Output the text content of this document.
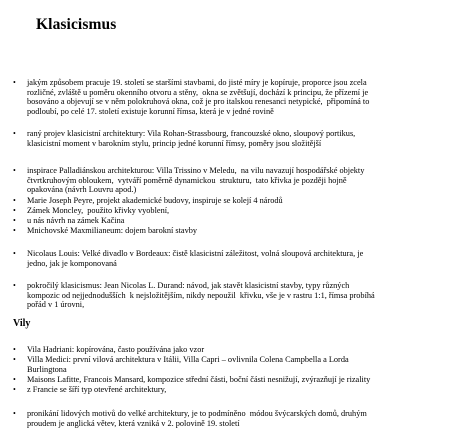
Klasicismus
•	jakým způsobem pracuje 19. století se staršími stavbami, do jisté míry je kopíruje, proporce jsou zcela
rozličné, zvláště u poměru okenního otvoru a stěny,  okna se zvětšují, dochází k principu, že přízemí je
bosováno a objevují se v něm polokruhová okna, což je pro italskou renesanci netypické,  připomíná to
podloubí, po celé 17. století existuje korunní římsa, která je v jedné rovině
•	raný projev klasicistní architektury: Vila Rohan-Strassbourg, francouzské okno, sloupový portikus,
klasicistní moment v barokním stylu, princip jedné korunní římsy, poměry jsou složitější
•	inspirace Palladiánskou architekturou: Villa Trissino v Meledu,  na vilu navazují hospodářské objekty
čtvrtkruhovým obloukem,  vytváří poměrně dynamickou  strukturu,  tato křivka je později hojně
opakována (návrh Louvru apod.)
•	Marie Joseph Peyre, projekt akademické budovy, inspiruje se kolejí 4 národů
•	Zámek Moncley,  použito křivky vyoblení,
•	u nás návrh na zámek Kačina
•	Mnichovské Maxmilianeum: dojem barokní stavby
•	Nicolaus Louis: Velké divadlo v Bordeaux: čistě klasicistní záležitost, volná sloupová architektura, je
jedno, jak je komponovaná
•	pokročilý klasicismus: Jean Nicolas L. Durand: návod, jak stavět klasicistní stavby, typy různých
kompozic od nejjednodušších  k nejsložitějším, nikdy nepoužil  křivku, vše je v rastru 1:1, římsa probíhá
pořád v 1 úrovni,
Vily
•	Vila Hadriani: kopírována, často používána jako vzor
•	Villa Medici: první vilová architektura v Itálii, Villa Capri – ovlivnila Colena Campbella a Lorda
Burlingtona
•	Maisons Lafitte, Francois Mansard, kompozice střední části, boční části nesnižují, zvýrazňují je rizality
•	z Francie se šíří typ otevřené architektury,
•	pronikání lidových motivů do velké architektury, je to podmíněno  módou švýcarských domů, druhým
proudem je anglická větev, která vzniká v 2. polovině 19. století
